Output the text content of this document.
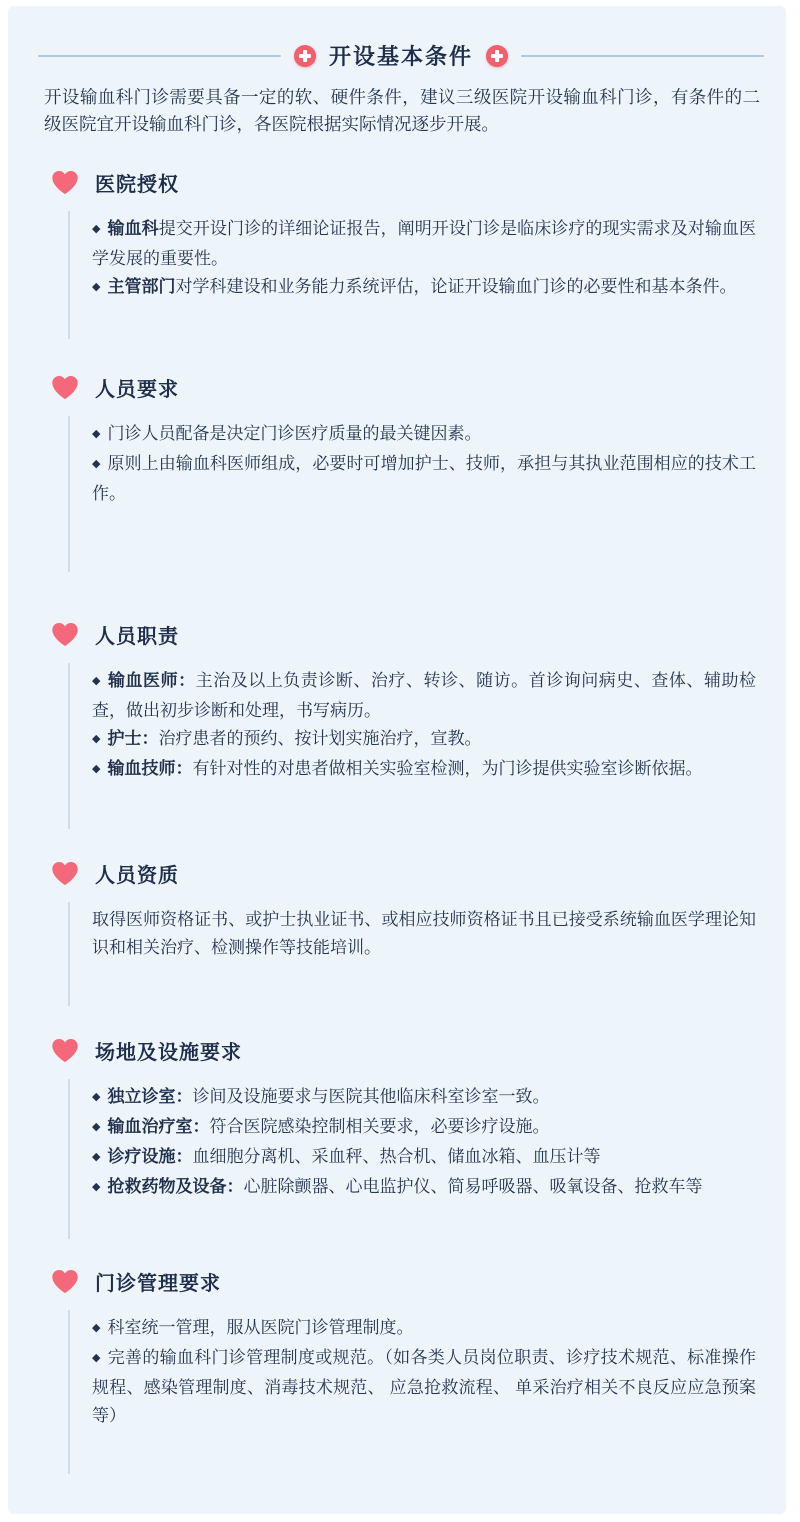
开设基本条件

开设输血科门诊需要具备一定的软、硬件条件，建议三级医院开设输血科门诊，有条件的二级医院宜开设输血科门诊，各医院根据实际情况逐步开展。

医院授权

◆ 输血科提交开设门诊的详细论证报告，阐明开设门诊是临床诊疗的现实需求及对输血医学发展的重要性。

◆ 主管部门对学科建设和业务能力系统评估，论证开设输血门诊的必要性和基本条件。

人员要求

◆ 门诊人员配备是决定门诊医疗质量的最关键因素。

◆ 原则上由输血科医师组成，必要时可增加护士、技师，承担与其执业范围相应的技术工作。

人员职责

◆ 输血医师：主治及以上负责诊断、治疗、转诊、随访。首诊询问病史、查体、辅助检查，做出初步诊断和处理，书写病历。

◆ 护士：治疗患者的预约、按计划实施治疗，宣教。

◆ 输血技师：有针对性的对患者做相关实验室检测，为门诊提供实验室诊断依据。

人员资质

取得医师资格证书、或护士执业证书、或相应技师资格证书且已接受系统输血医学理论知识和相关治疗、检测操作等技能培训。

场地及设施要求

◆ 独立诊室：诊间及设施要求与医院其他临床科室诊室一致。

◆ 输血治疗室：符合医院感染控制相关要求，必要诊疗设施。

◆ 诊疗设施：血细胞分离机、采血秤、热合机、储血冰箱、血压计等

◆ 抢救药物及设备：心脏除颤器、心电监护仪、简易呼吸器、吸氧设备、抢救车等

门诊管理要求

◆ 科室统一管理，服从医院门诊管理制度。

◆ 完善的输血科门诊管理制度或规范。（如各类人员岗位职责、诊疗技术规范、标准操作规程、感染管理制度、消毒技术规范、 应急抢救流程、 单采治疗相关不良反应应急预案等）
